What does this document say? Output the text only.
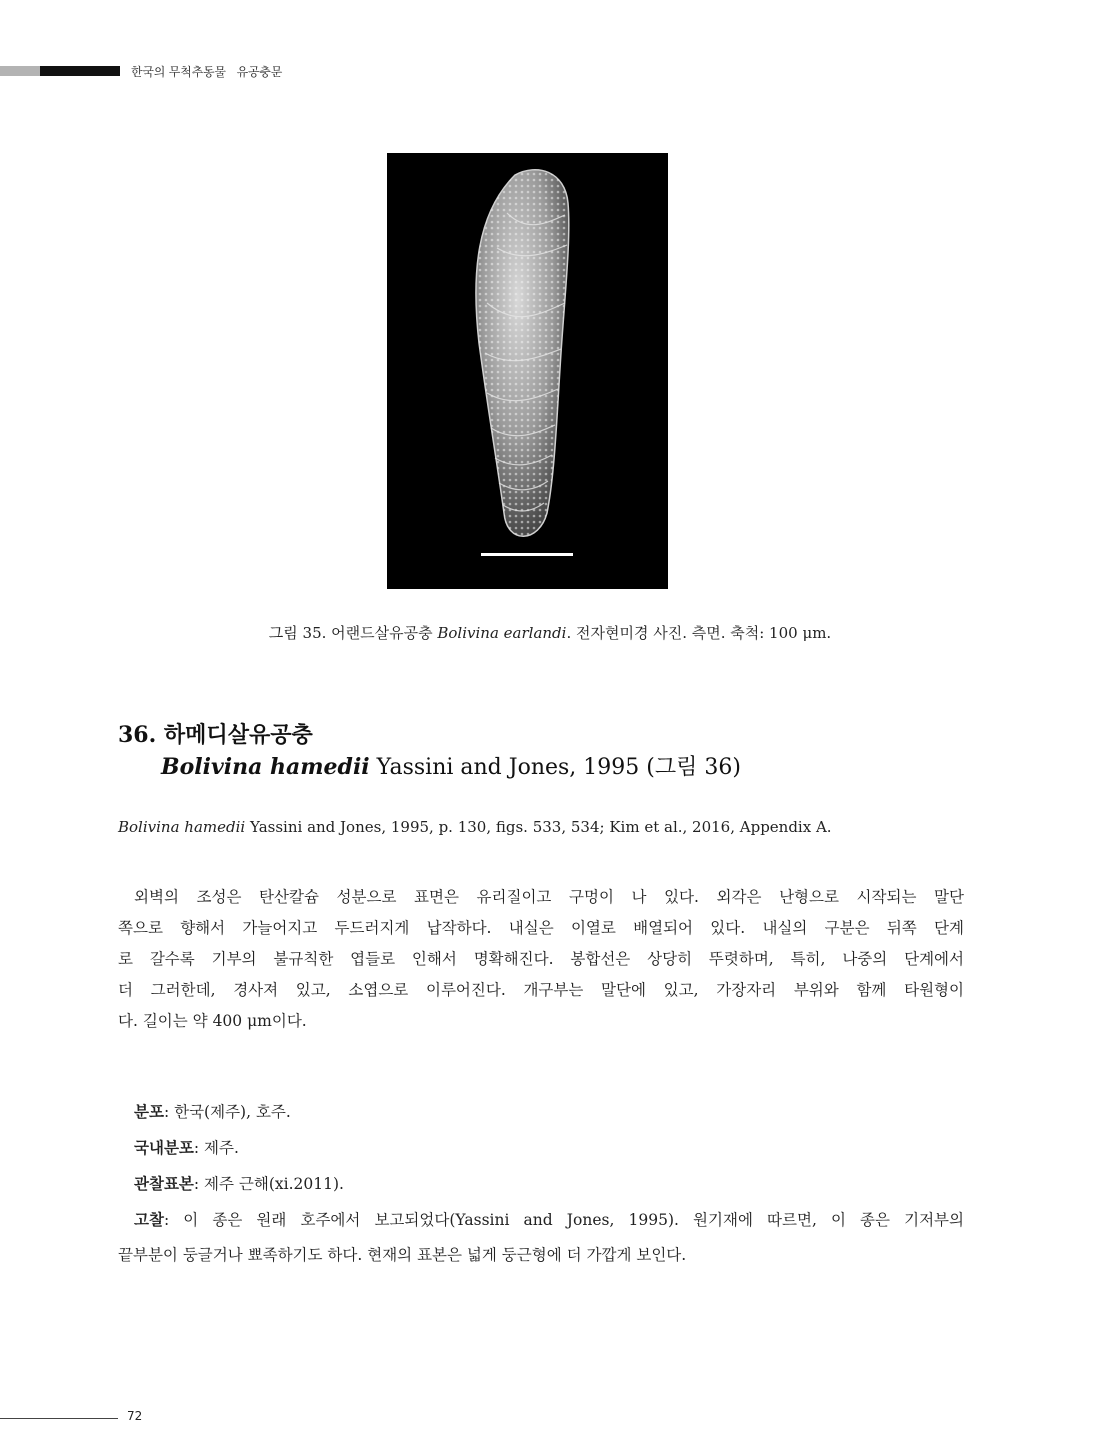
한국의 무척추동물   유공충문
그림 35. 어랜드살유공충 Bolivina earlandi. 전자현미경 사진. 측면. 축척: 100 μm.
36. 하메디살유공충
Bolivina hamedii Yassini and Jones, 1995 (그림 36)
Bolivina hamedii Yassini and Jones, 1995, p. 130, figs. 533, 534; Kim et al., 2016, Appendix A.
외벽의 조성은 탄산칼슘 성분으로 표면은 유리질이고 구멍이 나 있다. 외각은 난형으로 시작되는 말단
쪽으로 향해서 가늘어지고 두드러지게 납작하다. 내실은 이열로 배열되어 있다. 내실의 구분은 뒤쪽 단계
로 갈수록 기부의 불규칙한 엽들로 인해서 명확해진다. 봉합선은 상당히 뚜렷하며, 특히, 나중의 단계에서
더 그러한데, 경사져 있고, 소엽으로 이루어진다. 개구부는 말단에 있고, 가장자리 부위와 함께 타원형이
다. 길이는 약 400 μm이다.
분포: 한국(제주), 호주.
국내분포: 제주.
관찰표본: 제주 근해(xi.2011).
고찰: 이 종은 원래 호주에서 보고되었다(Yassini and Jones, 1995). 원기재에 따르면, 이 종은 기저부의
끝부분이 둥글거나 뾰족하기도 하다. 현재의 표본은 넓게 둥근형에 더 가깝게 보인다.
72
